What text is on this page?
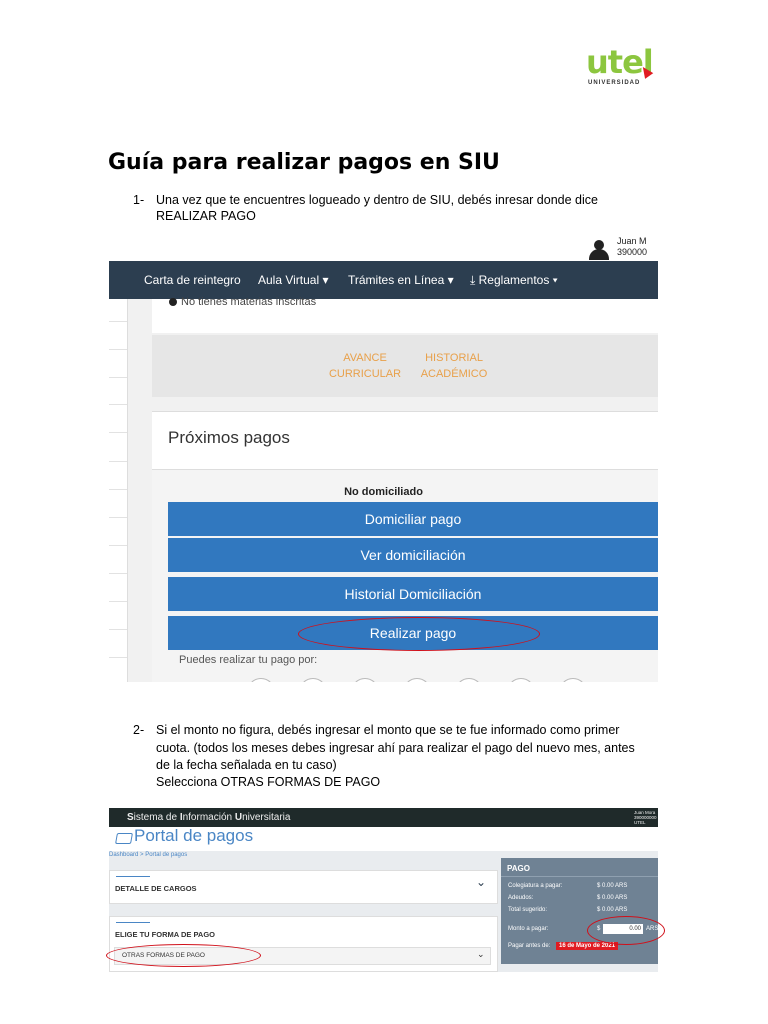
utel
UNIVERSIDAD
Guía para realizar pagos en SIU
1- Una vez que te encuentres logueado y dentro de SIU, debés inresar donde dice
REALIZAR PAGO
Juan M
390000
Carta de reintegro Aula Virtual ▾ Trámites en Línea ▾ ⤓ Reglamentos ▾
No tienes materias inscritas
AVANCE
CURRICULAR
HISTORIAL
ACADÉMICO
Próximos pagos
No domiciliado
Domiciliar pago
Ver domiciliación
Historial Domiciliación
Realizar pago
Puedes realizar tu pago por:
2- Si el monto no figura, debés ingresar el monto que se te fue informado como primer
cuota. (todos los meses debes ingresar ahí para realizar el pago del nuevo mes, antes
de la fecha señalada en tu caso)
Selecciona OTRAS FORMAS DE PAGO
Sistema de Información Universitaria	Juan Mora
390000000
UTEL
Portal de pagos
Dashboard > Portal de pagos
DETALLE DE CARGOS	⌄
ELIGE TU FORMA DE PAGO
OTRAS FORMAS DE PAGO	⌄
PAGO
Colegiatura a pagar:	$ 0.00 ARS
Adeudos:	$ 0.00 ARS
Total sugerido:	$ 0.00 ARS
Monto a pagar:	$	0.00 ARS
Pagar antes de:	16 de Mayo de 2021
